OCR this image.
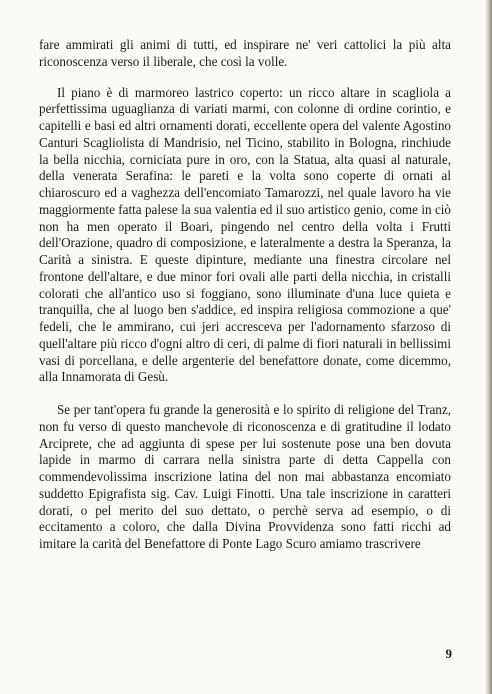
fare ammirati gli animi di tutti, ed inspirare ne' veri cattolici la più alta riconoscenza verso il liberale, che così la volle.

Il piano è di marmoreo lastrico coperto: un ricco altare in scagliola a perfettissima uguaglianza di variati marmi, con colonne di ordine corintio, e capitelli e basi ed altri ornamenti dorati, eccellente opera del valente Agostino Canturi Scagliolista di Mandrisio, nel Ticino, stabilito in Bologna, rinchiude la bella nicchia, corniciata pure in oro, con la Statua, alta quasi al naturale, della venerata Serafina: le pareti e la volta sono coperte di ornati al chiaroscuro ed a vaghezza dell'encomiato Tamarozzi, nel quale lavoro ha vie maggiormente fatta palese la sua valentia ed il suo artistico genio, come in ciò non ha men operato il Boari, pingendo nel centro della volta i Frutti dell'Orazione, quadro di composizione, e lateralmente a destra la Speranza, la Carità a sinistra. E queste dipinture, mediante una finestra circolare nel frontone dell'altare, e due minor fori ovali alle parti della nicchia, in cristalli colorati che all'antico uso si foggiano, sono illuminate d'una luce quieta e tranquilla, che al luogo ben s'addice, ed inspira religiosa commozione a que' fedeli, che le ammirano, cui jeri accresceva per l'adornamento sfarzoso di quell'altare più ricco d'ogni altro di ceri, di palme di fiori naturali in bellissimi vasi di porcellana, e delle argenterie del benefattore donate, come dicemmo, alla Innamorata di Gesù.

Se per tant'opera fu grande la generosità e lo spirito di religione del Tranz, non fu verso di questo manchevole di riconoscenza e di gratitudine il lodato Arciprete, che ad aggiunta di spese per lui sostenute pose una ben dovuta lapide in marmo di carrara nella sinistra parte di detta Cappella con commendevolissima inscrizione latina del non mai abbastanza encomiato suddetto Epigrafista sig. Cav. Luigi Finotti. Una tale inscrizione in caratteri dorati, o pel merito del suo dettato, o perchè serva ad esempio, o di eccitamento a coloro, che dalla Divina Provvidenza sono fatti ricchi ad imitare la carità del Benefattore di Ponte Lago Scuro amiamo trascrivere

9
